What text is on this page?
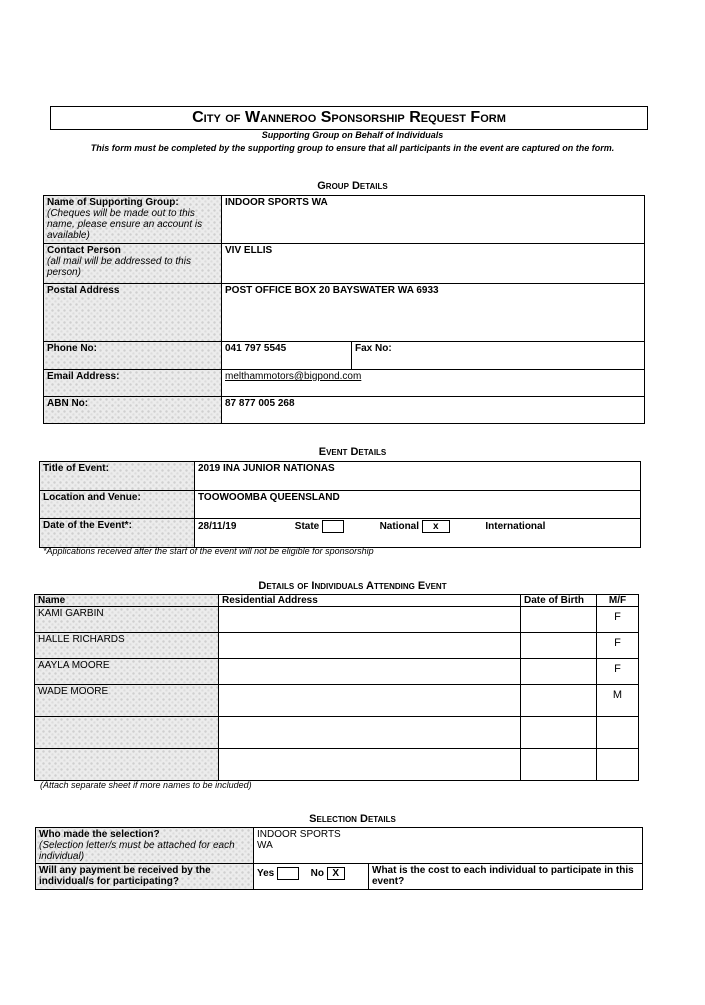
City of Wanneroo Sponsorship Request Form
Supporting Group on Behalf of Individuals
This form must be completed by the supporting group to ensure that all participants in the event are captured on the form.
Group Details
Name of Supporting Group:
(Cheques will be made out to this name, please ensure an account is available)	INDOOR SPORTS WA	
Contact Person
(all mail will be addressed to this person)	VIV ELLIS	
Postal Address	POST OFFICE BOX 20 BAYSWATER WA 6933	
Phone No:	041 797 5545	Fax No:
Email Address:	melthammotors@bigpond.com	
ABN No:	87 877 005 268	
Event Details
Title of Event:	2019 INA JUNIOR NATIONAS
Location and Venue:	TOOWOOMBA QUEENSLAND
Date of the Event*:	28/11/19 State National x International
*Applications received after the start of the event will not be eligible for sponsorship
Details of Individuals Attending Event
Name	Residential Address	Date of Birth	M/F
KAMI GARBIN			F
HALLE RICHARDS			F
AAYLA MOORE			F
WADE MOORE			M

(Attach separate sheet if more names to be included)
Selection Details
Who made the selection?
(Selection letter/s must be attached for each individual)	INDOOR SPORTS WA	

Will any payment be received by the individual/s for participating?	Yes No X	What is the cost to each individual to participate in this event?
